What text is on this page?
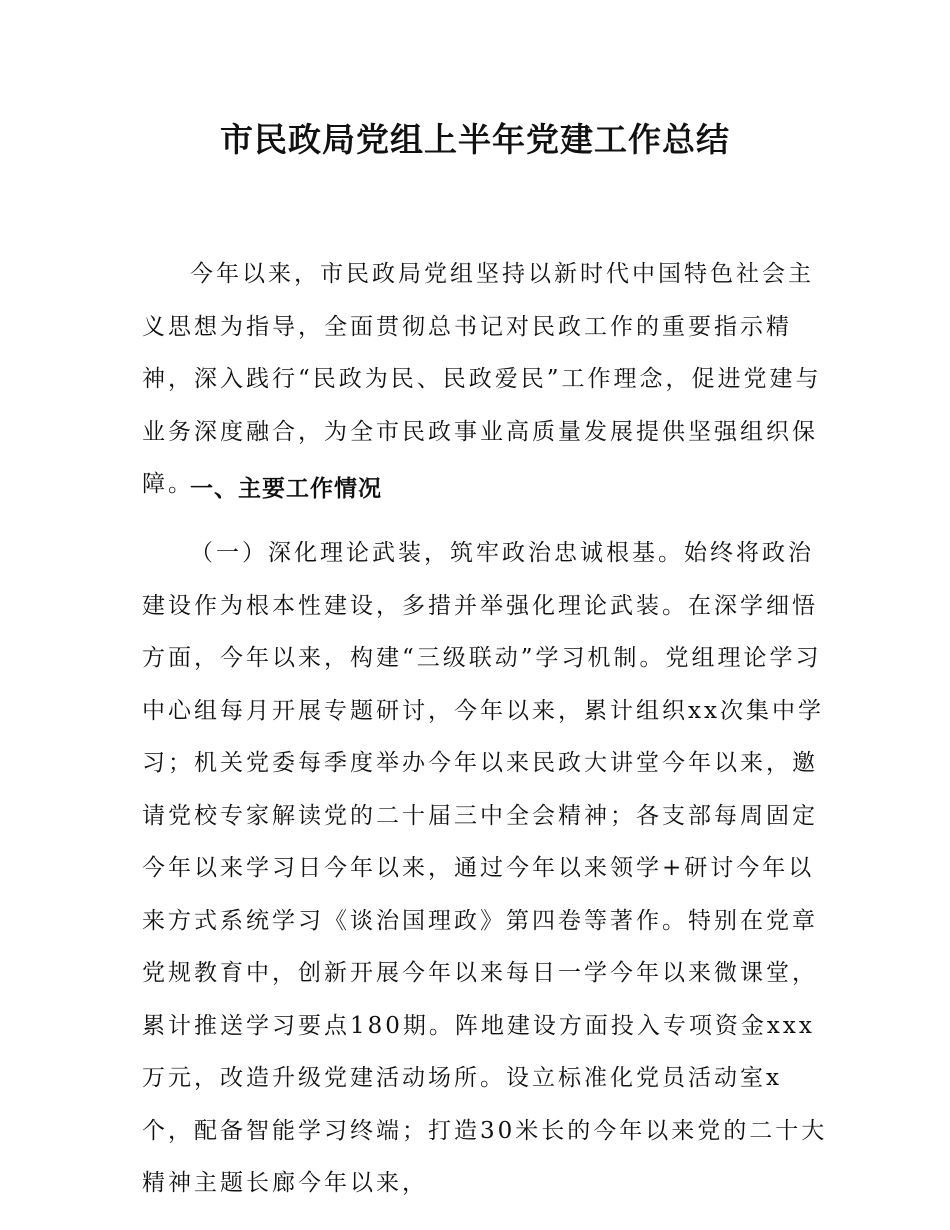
市民政局党组上半年党建工作总结
今年以来，市民政局党组坚持以新时代中国特色社会主义思想为指导，全面贯彻总书记对民政工作的重要指示精神，深入践行“民政为民、民政爱民”工作理念，促进党建与业务深度融合，为全市民政事业高质量发展提供坚强组织保障。
一、主要工作情况
（一）深化理论武装，筑牢政治忠诚根基。始终将政治建设作为根本性建设，多措并举强化理论武装。在深学细悟方面，今年以来，构建“三级联动”学习机制。党组理论学习中心组每月开展专题研讨，今年以来，累计组织xx次集中学习；机关党委每季度举办今年以来民政大讲堂今年以来，邀请党校专家解读党的二十届三中全会精神；各支部每周固定今年以来学习日今年以来，通过今年以来领学+研讨今年以来方式系统学习《谈治国理政》第四卷等著作。特别在党章党规教育中，创新开展今年以来每日一学今年以来微课堂，累计推送学习要点180期。阵地建设方面投入专项资金xxx万元，改造升级党建活动场所。设立标准化党员活动室x个，配备智能学习终端；打造30米长的今年以来党的二十大精神主题长廊今年以来，
